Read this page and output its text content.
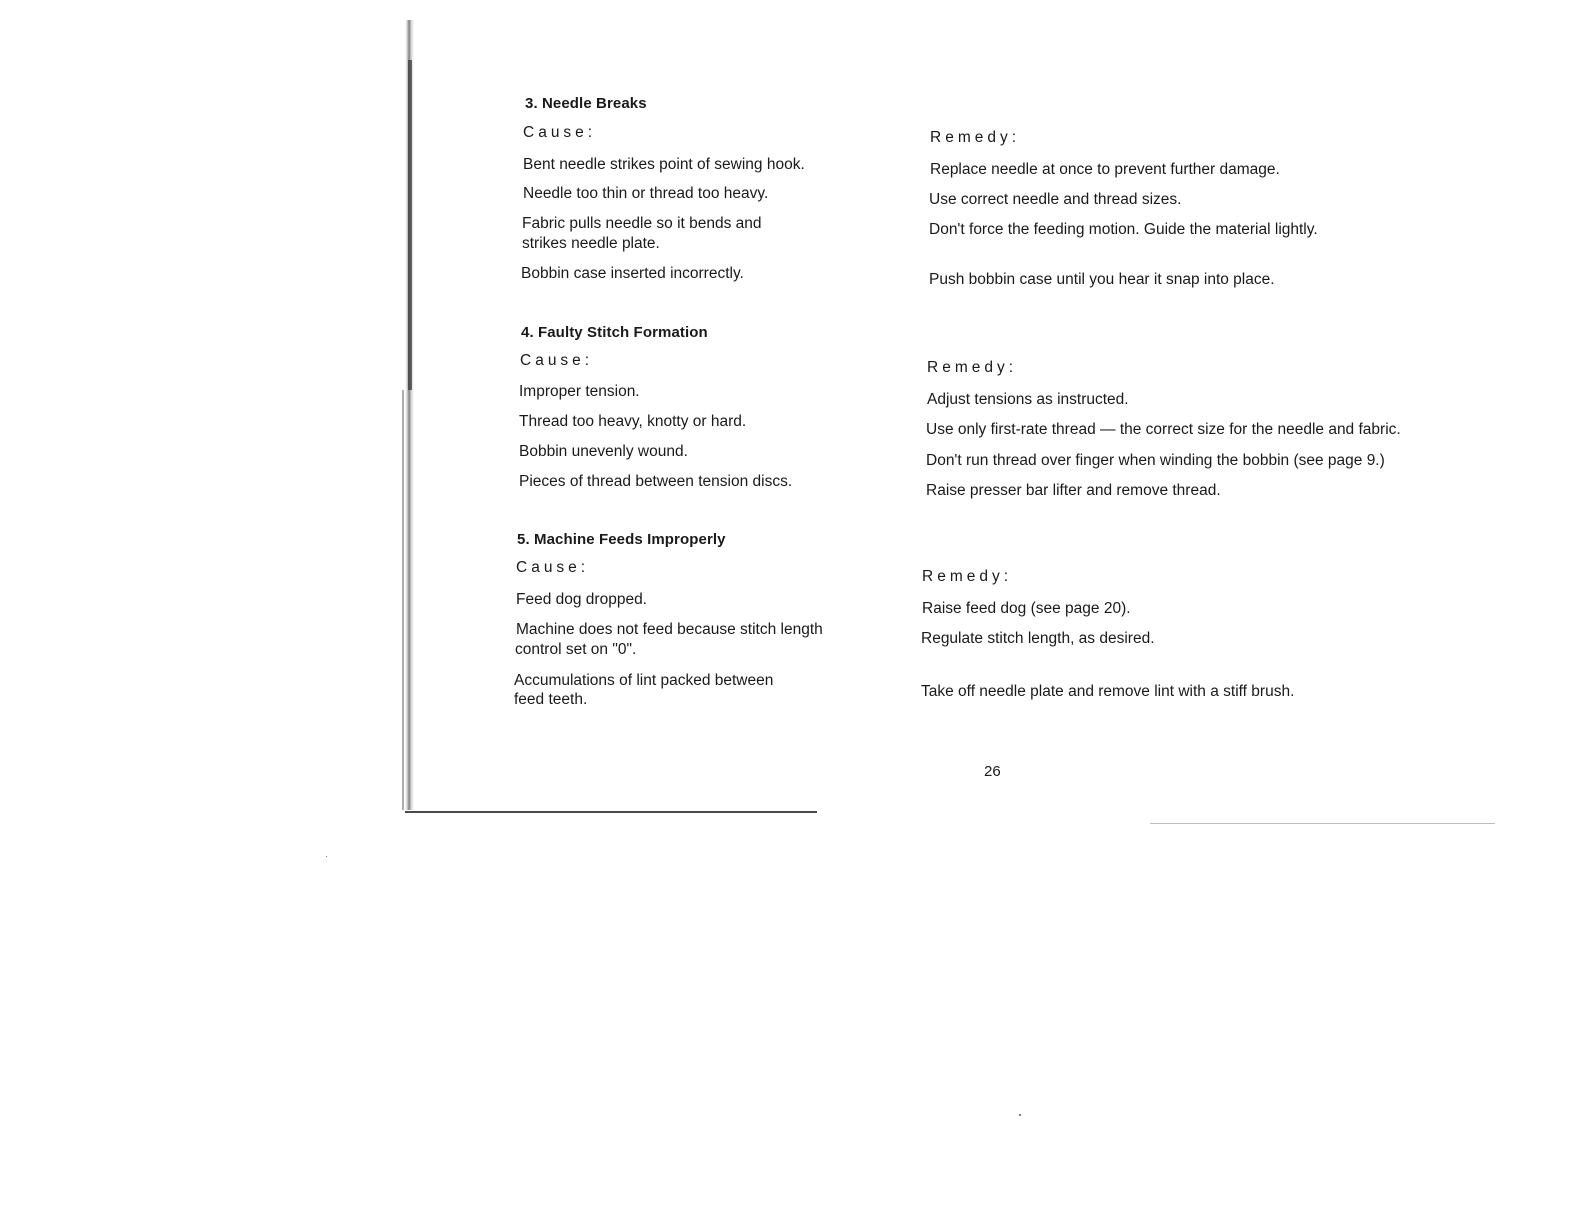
3. Needle Breaks
Cause:
Bent needle strikes point of sewing hook.
Needle too thin or thread too heavy.
Fabric pulls needle so it bends and
strikes needle plate.
Bobbin case inserted incorrectly.
Remedy:
Replace needle at once to prevent further damage.
Use correct needle and thread sizes.
Don't force the feeding motion. Guide the material lightly.
Push bobbin case until you hear it snap into place.
4. Faulty Stitch Formation
Cause:
Improper tension.
Thread too heavy, knotty or hard.
Bobbin unevenly wound.
Pieces of thread between tension discs.
Remedy:
Adjust tensions as instructed.
Use only first-rate thread — the correct size for the needle and fabric.
Don't run thread over finger when winding the bobbin (see page 9.)
Raise presser bar lifter and remove thread.
5. Machine Feeds Improperly
Cause:
Feed dog dropped.
Machine does not feed because stitch length
control set on "0".
Accumulations of lint packed between
feed teeth.
Remedy:
Raise feed dog (see page 20).
Regulate stitch length, as desired.
Take off needle plate and remove lint with a stiff brush.
26
